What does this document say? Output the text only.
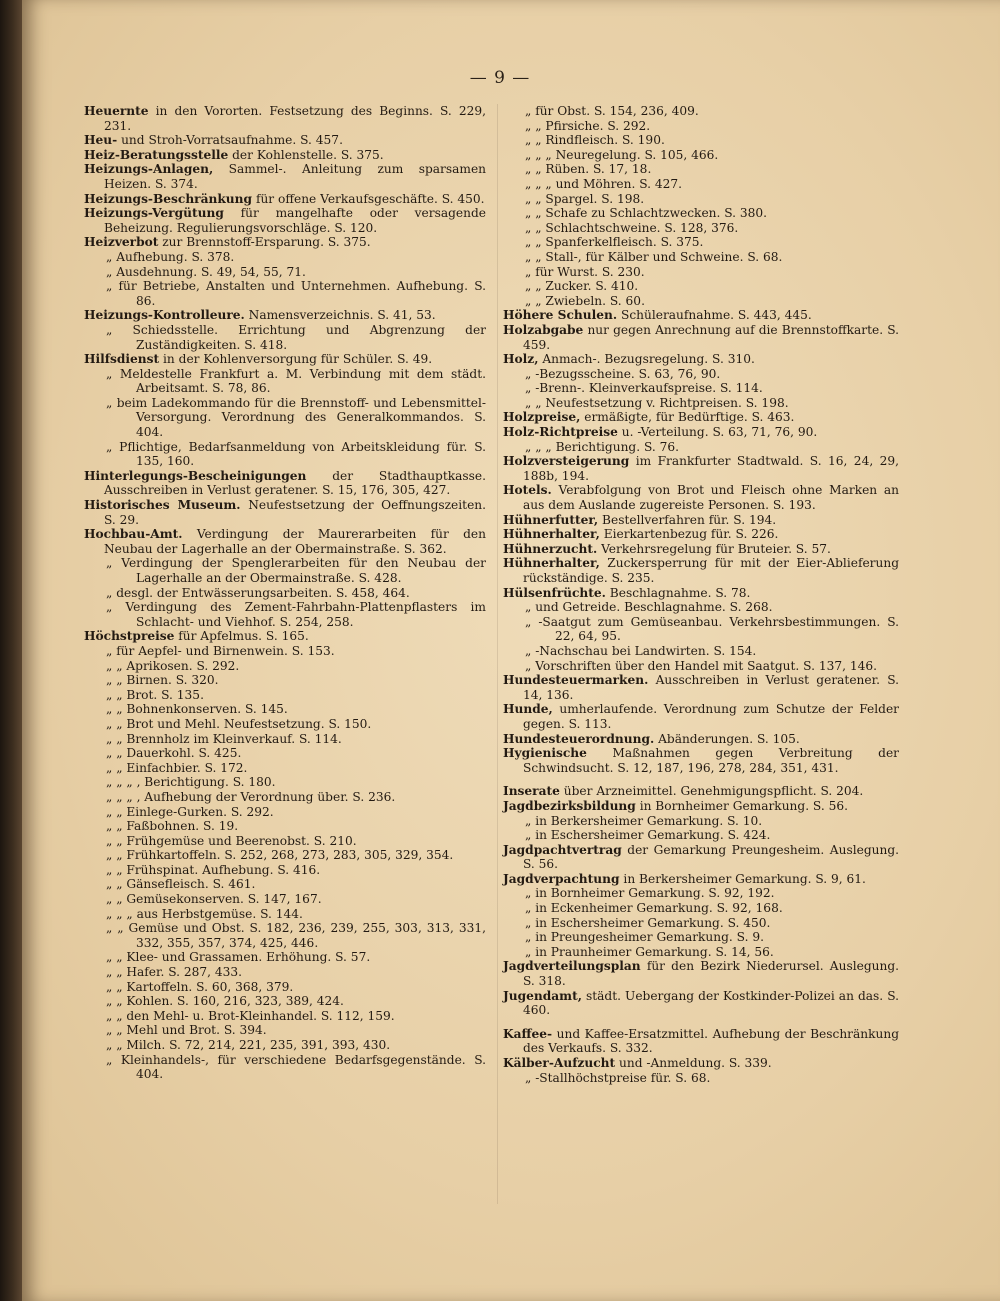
— 9 —

Heuernte in den Vororten. Festsetzung des Beginns. S. 229, 231.

Heu- und Stroh-Vorratsaufnahme. S. 457.

Heiz-Beratungsstelle der Kohlenstelle. S. 375.

Heizungs-Anlagen, Sammel-. Anleitung zum sparsamen Heizen. S. 374.

Heizungs-Beschränkung für offene Verkaufsgeschäfte. S. 450.

Heizungs-Vergütung für mangelhafte oder versagende Beheizung. Regulierungsvorschläge. S. 120.

Heizverbot zur Brennstoff-Ersparung. S. 375.

„ Aufhebung. S. 378.

„ Ausdehnung. S. 49, 54, 55, 71.

„ für Betriebe, Anstalten und Unternehmen. Aufhebung. S. 86.

Heizungs-Kontrolleure. Namensverzeichnis. S. 41, 53.

„ Schiedsstelle. Errichtung und Abgrenzung der Zuständigkeiten. S. 418.

Hilfsdienst in der Kohlenversorgung für Schüler. S. 49.

„ Meldestelle Frankfurt a. M. Verbindung mit dem städt. Arbeitsamt. S. 78, 86.

„ beim Ladekommando für die Brennstoff- und Lebensmittel-Versorgung. Verordnung des Generalkommandos. S. 404.

„ Pflichtige, Bedarfsanmeldung von Arbeitskleidung für. S. 135, 160.

Hinterlegungs-Bescheinigungen der Stadthauptkasse. Ausschreiben in Verlust geratener. S. 15, 176, 305, 427.

Historisches Museum. Neufestsetzung der Oeffnungszeiten. S. 29.

Hochbau-Amt. Verdingung der Maurerarbeiten für den Neubau der Lagerhalle an der Obermainstraße. S. 362.

„ Verdingung der Spenglerarbeiten für den Neubau der Lagerhalle an der Obermainstraße. S. 428.

„ desgl. der Entwässerungsarbeiten. S. 458, 464.

„ Verdingung des Zement-Fahrbahn-Plattenpflasters im Schlacht- und Viehhof. S. 254, 258.

Höchstpreise für Apfelmus. S. 165.

„ für Aepfel- und Birnenwein. S. 153.

„ „ Aprikosen. S. 292.

„ „ Birnen. S. 320.

„ „ Brot. S. 135.

„ „ Bohnenkonserven. S. 145.

„ „ Brot und Mehl. Neufestsetzung. S. 150.

„ „ Brennholz im Kleinverkauf. S. 114.

„ „ Dauerkohl. S. 425.

„ „ Einfachbier. S. 172.

„ „ „ , Berichtigung. S. 180.

„ „ „ , Aufhebung der Verordnung über. S. 236.

„ „ Einlege-Gurken. S. 292.

„ „ Faßbohnen. S. 19.

„ „ Frühgemüse und Beerenobst. S. 210.

„ „ Frühkartoffeln. S. 252, 268, 273, 283, 305, 329, 354.

„ „ Frühspinat. Aufhebung. S. 416.

„ „ Gänsefleisch. S. 461.

„ „ Gemüsekonserven. S. 147, 167.

„ „ „ aus Herbstgemüse. S. 144.

„ „ Gemüse und Obst. S. 182, 236, 239, 255, 303, 313, 331, 332, 355, 357, 374, 425, 446.

„ „ Klee- und Grassamen. Erhöhung. S. 57.

„ „ Hafer. S. 287, 433.

„ „ Kartoffeln. S. 60, 368, 379.

„ „ Kohlen. S. 160, 216, 323, 389, 424.

„ „ den Mehl- u. Brot-Kleinhandel. S. 112, 159.

„ „ Mehl und Brot. S. 394.

„ „ Milch. S. 72, 214, 221, 235, 391, 393, 430.

„ Kleinhandels-, für verschiedene Bedarfsgegenstände. S. 404.

„ für Obst. S. 154, 236, 409.

„ „ Pfirsiche. S. 292.

„ „ Rindfleisch. S. 190.

„ „ „ Neuregelung. S. 105, 466.

„ „ Rüben. S. 17, 18.

„ „ „ und Möhren. S. 427.

„ „ Spargel. S. 198.

„ „ Schafe zu Schlachtzwecken. S. 380.

„ „ Schlachtschweine. S. 128, 376.

„ „ Spanferkelfleisch. S. 375.

„ „ Stall-, für Kälber und Schweine. S. 68.

„ für Wurst. S. 230.

„ „ Zucker. S. 410.

„ „ Zwiebeln. S. 60.

Höhere Schulen. Schüleraufnahme. S. 443, 445.

Holzabgabe nur gegen Anrechnung auf die Brennstoffkarte. S. 459.

Holz, Anmach-. Bezugsregelung. S. 310.

„ -Bezugsscheine. S. 63, 76, 90.

„ -Brenn-. Kleinverkaufspreise. S. 114.

„ „ Neufestsetzung v. Richtpreisen. S. 198.

Holzpreise, ermäßigte, für Bedürftige. S. 463.

Holz-Richtpreise u. -Verteilung. S. 63, 71, 76, 90.

„ „ „ Berichtigung. S. 76.

Holzversteigerung im Frankfurter Stadtwald. S. 16, 24, 29, 188b, 194.

Hotels. Verabfolgung von Brot und Fleisch ohne Marken an aus dem Auslande zugereiste Personen. S. 193.

Hühnerfutter, Bestellverfahren für. S. 194.

Hühnerhalter, Eierkartenbezug für. S. 226.

Hühnerzucht. Verkehrsregelung für Bruteier. S. 57.

Hühnerhalter, Zuckersperrung für mit der Eier-Ablieferung rückständige. S. 235.

Hülsenfrüchte. Beschlagnahme. S. 78.

„ und Getreide. Beschlagnahme. S. 268.

„ -Saatgut zum Gemüseanbau. Verkehrsbestimmungen. S. 22, 64, 95.

„ -Nachschau bei Landwirten. S. 154.

„ Vorschriften über den Handel mit Saatgut. S. 137, 146.

Hundesteuermarken. Ausschreiben in Verlust geratener. S. 14, 136.

Hunde, umherlaufende. Verordnung zum Schutze der Felder gegen. S. 113.

Hundesteuerordnung. Abänderungen. S. 105.

Hygienische Maßnahmen gegen Verbreitung der Schwindsucht. S. 12, 187, 196, 278, 284, 351, 431.

Inserate über Arzneimittel. Genehmigungspflicht. S. 204.

Jagdbezirksbildung in Bornheimer Gemarkung. S. 56.

„ in Berkersheimer Gemarkung. S. 10.

„ in Eschersheimer Gemarkung. S. 424.

Jagdpachtvertrag der Gemarkung Preungesheim. Auslegung. S. 56.

Jagdverpachtung in Berkersheimer Gemarkung. S. 9, 61.

„ in Bornheimer Gemarkung. S. 92, 192.

„ in Eckenheimer Gemarkung. S. 92, 168.

„ in Eschersheimer Gemarkung. S. 450.

„ in Preungesheimer Gemarkung. S. 9.

„ in Praunheimer Gemarkung. S. 14, 56.

Jagdverteilungsplan für den Bezirk Niederursel. Auslegung. S. 318.

Jugendamt, städt. Uebergang der Kostkinder-Polizei an das. S. 460.

Kaffee- und Kaffee-Ersatzmittel. Aufhebung der Beschränkung des Verkaufs. S. 332.

Kälber-Aufzucht und -Anmeldung. S. 339.

„ -Stallhöchstpreise für. S. 68.
